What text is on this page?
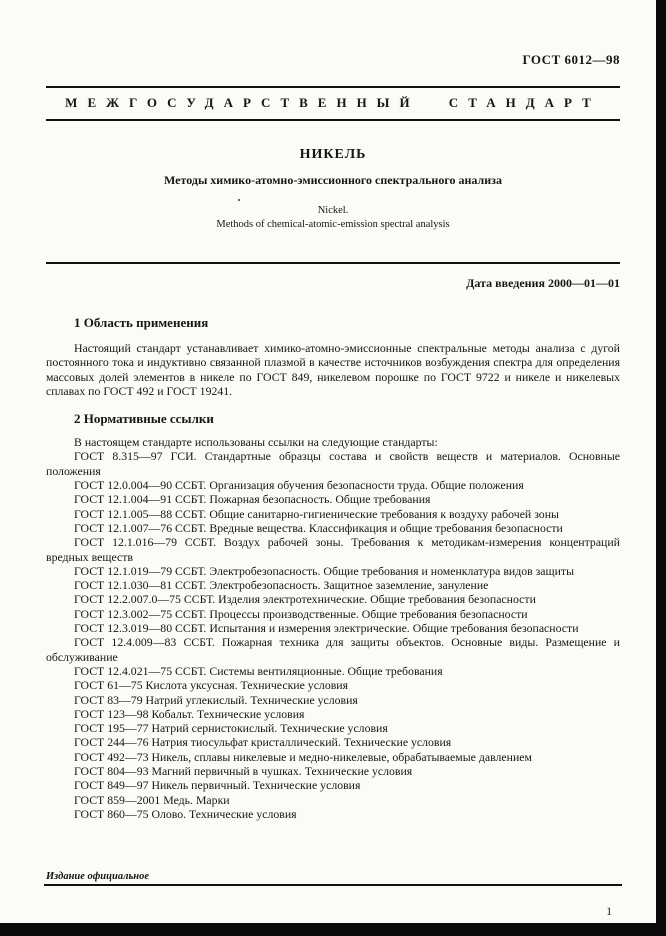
ГОСТ 6012—98
МЕЖГОСУДАРСТВЕННЫЙ СТАНДАРТ
НИКЕЛЬ
Методы химико-атомно-эмиссионного спектрального анализа
Nickel.
Methods of chemical-atomic-emission spectral analysis
Дата введения 2000—01—01
1 Область применения

Настоящий стандарт устанавливает химико-атомно-эмиссионные спектральные методы анализа с дугой постоянного тока и индуктивно связанной плазмой в качестве источников возбуждения спектра для определения массовых долей элементов в никеле по ГОСТ 849, никелевом порошке по ГОСТ 9722 и никеле и никелевых сплавах по ГОСТ 492 и ГОСТ 19241.

2 Нормативные ссылки

В настоящем стандарте использованы ссылки на следующие стандарты:

ГОСТ 8.315—97 ГСИ. Стандартные образцы состава и свойств веществ и материалов. Основные положения

ГОСТ 12.0.004—90 ССБТ. Организация обучения безопасности труда. Общие положения

ГОСТ 12.1.004—91 ССБТ. Пожарная безопасность. Общие требования

ГОСТ 12.1.005—88 ССБТ. Общие санитарно-гигиенические требования к воздуху рабочей зоны

ГОСТ 12.1.007—76 ССБТ. Вредные вещества. Классификация и общие требования безопасности

ГОСТ 12.1.016—79 ССБТ. Воздух рабочей зоны. Требования к методикам-измерения концентраций вредных веществ

ГОСТ 12.1.019—79 ССБТ. Электробезопасность. Общие требования и номенклатура видов защиты

ГОСТ 12.1.030—81 ССБТ. Электробезопасность. Защитное заземление, зануление

ГОСТ 12.2.007.0—75 ССБТ. Изделия электротехнические. Общие требования безопасности

ГОСТ 12.3.002—75 ССБТ. Процессы производственные. Общие требования безопасности

ГОСТ 12.3.019—80 ССБТ. Испытания и измерения электрические. Общие требования безопасности

ГОСТ 12.4.009—83 ССБТ. Пожарная техника для защиты объектов. Основные виды. Размещение и обслуживание

ГОСТ 12.4.021—75 ССБТ. Системы вентиляционные. Общие требования

ГОСТ 61—75 Кислота уксусная. Технические условия

ГОСТ 83—79 Натрий углекислый. Технические условия

ГОСТ 123—98 Кобальт. Технические условия

ГОСТ 195—77 Натрий сернистокислый. Технические условия

ГОСТ 244—76 Натрия тиосульфат кристаллический. Технические условия

ГОСТ 492—73 Никель, сплавы никелевые и медно-никелевые, обрабатываемые давлением

ГОСТ 804—93 Магний первичный в чушках. Технические условия

ГОСТ 849—97 Никель первичный. Технические условия

ГОСТ 859—2001 Медь. Марки

ГОСТ 860—75 Олово. Технические условия

Издание официальное
1
